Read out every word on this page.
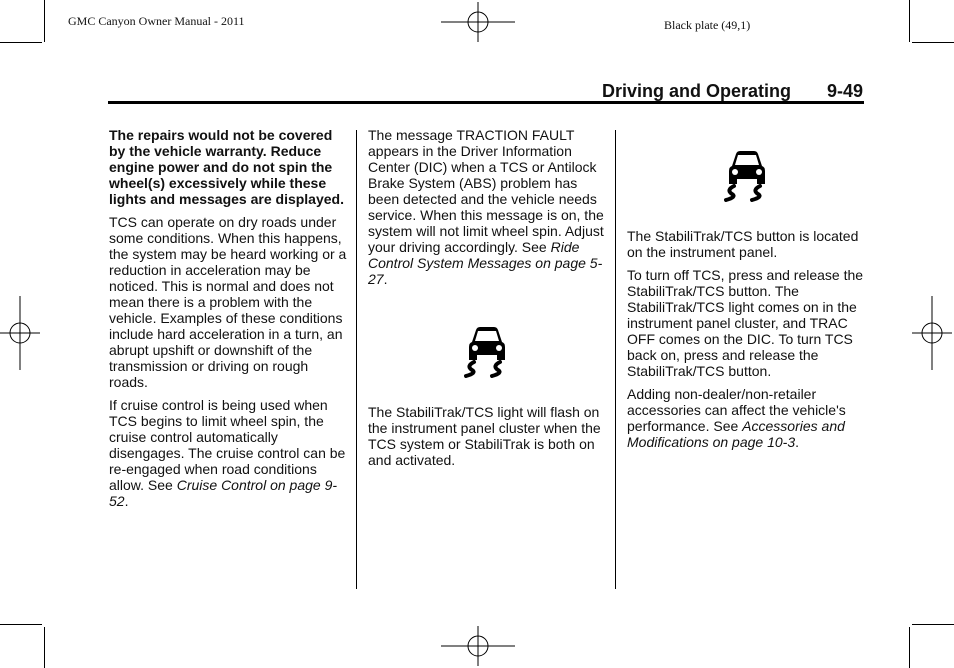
GMC Canyon Owner Manual - 2011	Black plate (49,1)
Driving and Operating 9-49

The repairs would not be covered by the vehicle warranty. Reduce engine power and do not spin the wheel(s) excessively while these lights and messages are displayed.

TCS can operate on dry roads under some conditions. When this happens, the system may be heard working or a reduction in acceleration may be noticed. This is normal and does not mean there is a problem with the vehicle. Examples of these conditions include hard acceleration in a turn, an abrupt upshift or downshift of the transmission or driving on rough roads.

If cruise control is being used when TCS begins to limit wheel spin, the cruise control automatically disengages. The cruise control can be re-engaged when road conditions allow. See Cruise Control on page 9-52.

The message TRACTION FAULT appears in the Driver Information Center (DIC) when a TCS or Antilock Brake System (ABS) problem has been detected and the vehicle needs service. When this message is on, the system will not limit wheel spin. Adjust your driving accordingly. See Ride Control System Messages on page 5-27.

The StabiliTrak/TCS light will flash on the instrument panel cluster when the TCS system or StabiliTrak is both on and activated.

The StabiliTrak/TCS button is located on the instrument panel.

To turn off TCS, press and release the StabiliTrak/TCS button. The StabiliTrak/TCS light comes on in the instrument panel cluster, and TRAC OFF comes on the DIC. To turn TCS back on, press and release the StabiliTrak/TCS button.

Adding non-dealer/non-retailer accessories can affect the vehicle's performance. See Accessories and Modifications on page 10-3.
